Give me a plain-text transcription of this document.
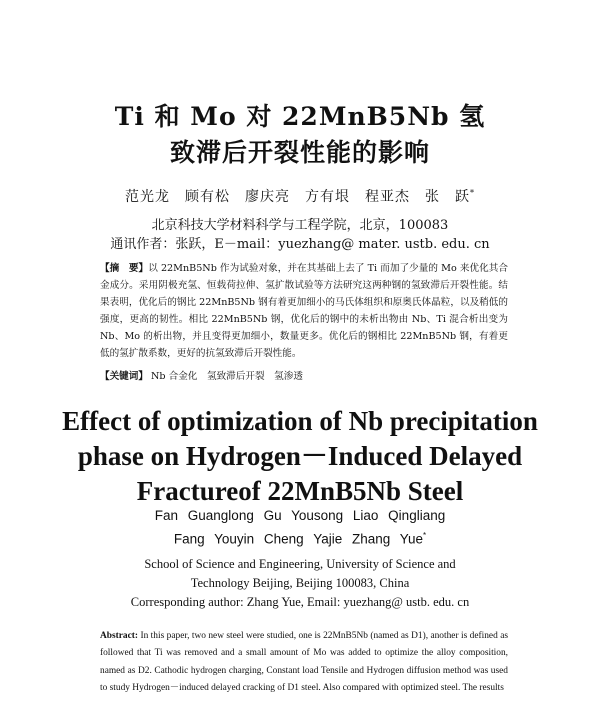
Ti 和 Mo 对 22MnB5Nb 氢
致滞后开裂性能的影响
范光龙　顾有松　廖庆亮　方有垠　程亚杰　张　跃*
北京科技大学材料科学与工程学院，北京，100083
通讯作者：张跃，E－mail：yuezhang@ mater. ustb. edu. cn
【摘　要】以 22MnB5Nb 作为试验对象，并在其基础上去了 Ti 而加了少量的 Mo 来优化其合金成分。采用阴极充氢、恒载荷拉伸、氢扩散试验等方法研究这两种钢的氢致滞后开裂性能。结果表明，优化后的钢比 22MnB5Nb 钢有着更加细小的马氏体组织和原奥氏体晶粒，以及稍低的强度，更高的韧性。相比 22MnB5Nb 钢，优化后的钢中的未析出物由 Nb、Ti 混合析出变为 Nb、Mo 的析出物，并且变得更加细小，数量更多。优化后的钢相比 22MnB5Nb 钢，有着更低的氢扩散系数，更好的抗氢致滞后开裂性能。
【关键词】 Nb 合金化　氢致滞后开裂　氢渗透
Effect of optimization of Nb precipitation
phase on Hydrogen－Induced Delayed
Fractureof 22MnB5Nb Steel
Fan Guanglong Gu Yousong Liao Qingliang
Fang Youyin Cheng Yajie Zhang Yue*
School of Science and Engineering, University of Science and
Technology Beijing, Beijing 100083, China
Corresponding author: Zhang Yue, Email: yuezhang@ ustb. edu. cn
Abstract: In this paper, two new steel were studied, one is 22MnB5Nb (named as D1), another is defined as followed that Ti was removed and a small amount of Mo was added to optimize the alloy composition, named as D2. Cathodic hydrogen charging, Constant load Tensile and Hydrogen diffusion method was used to study Hydrogen－induced delayed cracking of D1 steel. Also compared with optimized steel. The results
